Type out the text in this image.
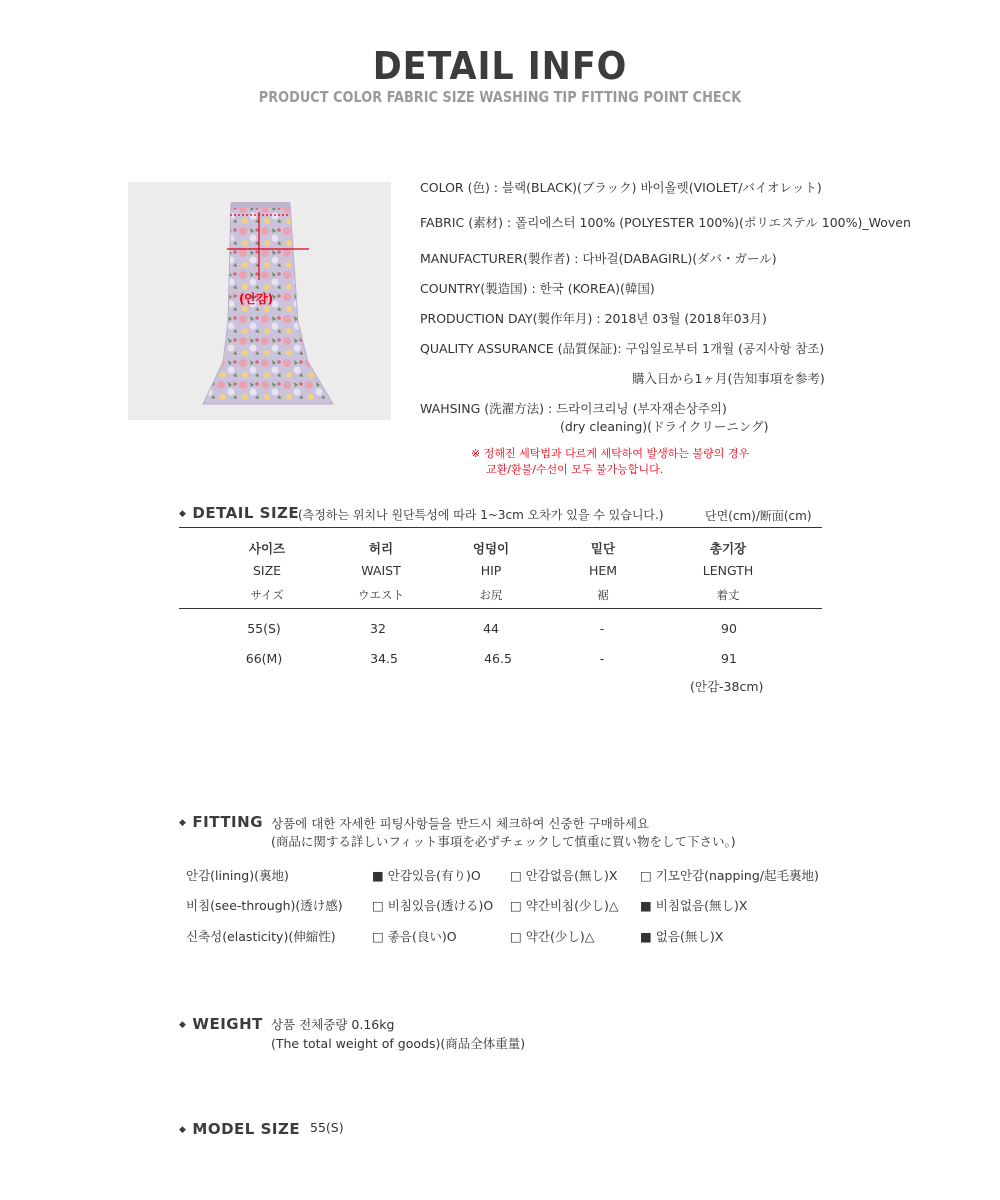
DETAIL INFO
PRODUCT COLOR FABRIC SIZE WASHING TIP FITTING POINT CHECK
(안감)
COLOR (色) : 블랙(BLACK)(ブラック) 바이올렛(VIOLET/バイオレット)
FABRIC (素材) : 폴리에스터 100% (POLYESTER 100%)(ポリエステル 100%)_Woven
MANUFACTURER(製作者) : 다바걸(DABAGIRL)(ダバ・ガール)
COUNTRY(製造国) : 한국 (KOREA)(韓国)
PRODUCTION DAY(製作年月) : 2018년 03월 (2018年03月)
QUALITY ASSURANCE (品質保証): 구입일로부터 1개월 (공지사항 참조)
購入日から1ヶ月(告知事項を参考)
WAHSING (洗濯方法) : 드라이크리닝 (부자재손상주의)
(dry cleaning)(ドライクリーニング)
※ 정해진 세탁법과 다르게 세탁하여 발생하는 불량의 경우
교환/환불/수선이 모두 불가능합니다.
◆ DETAIL SIZE
(측정하는 위치나 원단특성에 따라 1~3cm 오차가 있을 수 있습니다.)	단면(cm)/断面(cm)
사이즈	허리	엉덩이	밑단	총기장
SIZE	WAIST	HIP	HEM	LENGTH
サイズ	ウエスト	お尻	裾	着丈
55(S)	32	44	-	90
66(M)	34.5	46.5	-	91
(안감-38cm)
◆ FITTING 상품에 대한 자세한 피팅사항들을 반드시 체크하여 신중한 구매하세요
(商品に関する詳しいフィット事項を必ずチェックして慎重に買い物をして下さい。)
안감(lining)(裏地)	■ 안감있음(有り)O □ 안감없음(無し)X □ 기모안감(napping/起毛裏地)
비침(see-through)(透け感) □ 비침있음(透ける)O □ 약간비침(少し)△ ■ 비침없음(無し)X
신축성(elasticity)(伸縮性)	□ 좋음(良い)O	□ 약간(少し)△	■ 없음(無し)X
◆ WEIGHT 상품 전체중량 0.16kg
(The total weight of goods)(商品全体重量)
◆ MODEL SIZE 55(S)
